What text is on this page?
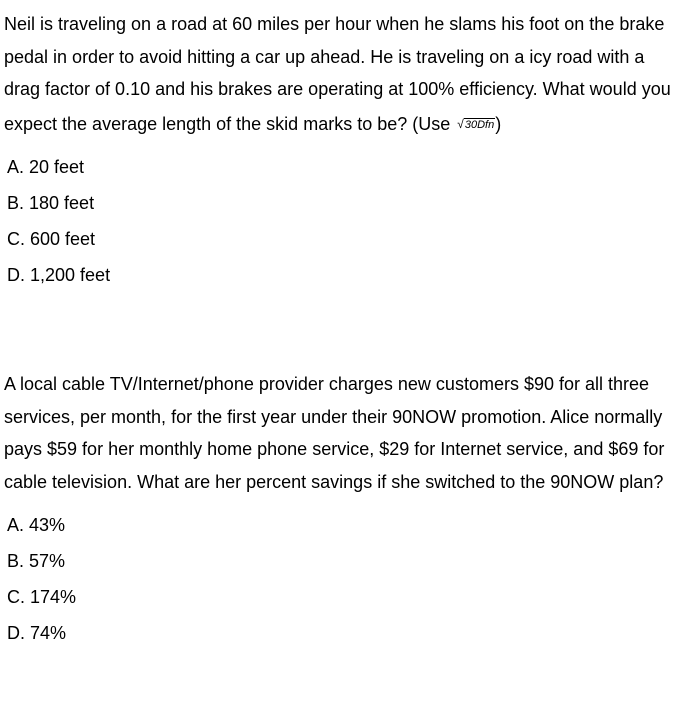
Neil is traveling on a road at 60 miles per hour when he slams his foot on the brake pedal in order to avoid hitting a car up ahead. He is traveling on a icy road with a drag factor of 0.10 and his brakes are operating at 100% efficiency. What would you expect the average length of the skid marks to be? (Use √30Dfn)

A. 20 feet
B. 180 feet
C. 600 feet
D. 1,200 feet

A local cable TV/Internet/phone provider charges new customers $90 for all three services, per month, for the first year under their 90NOW promotion. Alice normally pays $59 for her monthly home phone service, $29 for Internet service, and $69 for cable television. What are her percent savings if she switched to the 90NOW plan?

A. 43%
B. 57%
C. 174%
D. 74%
